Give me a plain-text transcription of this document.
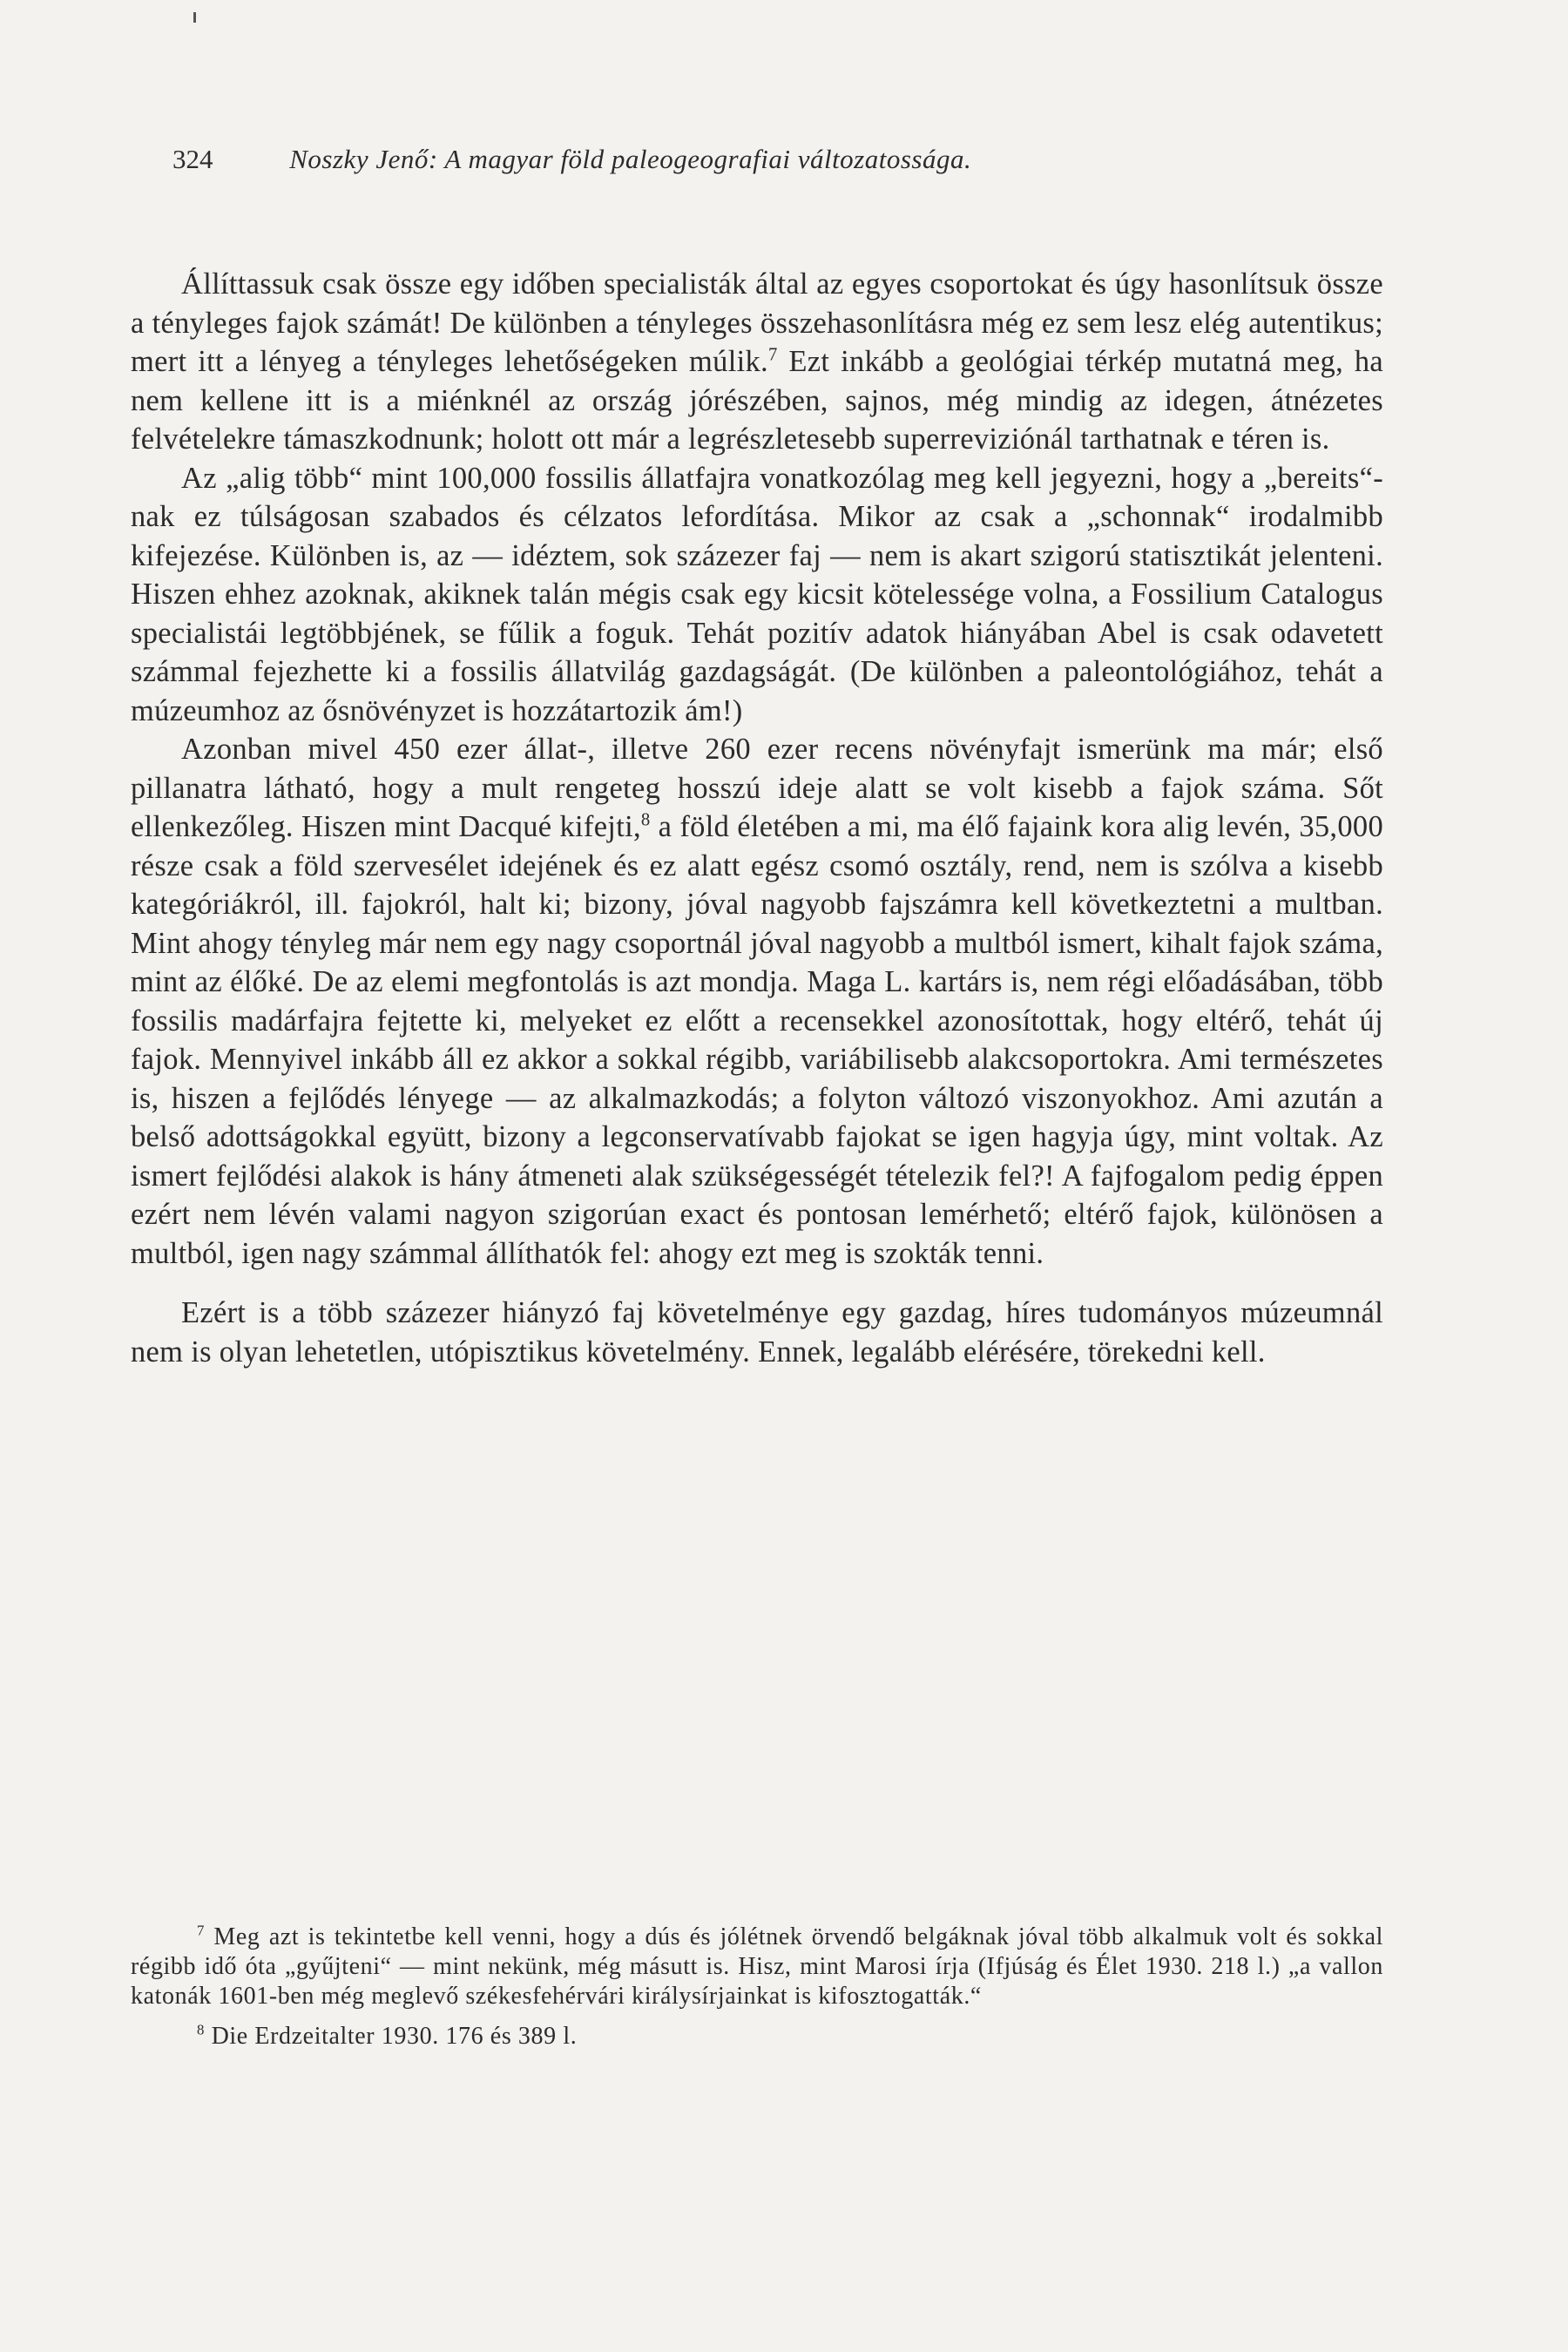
324	Noszky Jenő: A magyar föld paleogeografiai változatossága.

Állíttassuk csak össze egy időben specialisták által az egyes csoportokat és úgy hasonlítsuk össze a tényleges fajok számát! De különben a tényleges összehasonlításra még ez sem lesz elég autentikus; mert itt a lényeg a tényleges lehetőségeken múlik.$^7$ Ezt inkább a geológiai térkép mutatná meg, ha nem kellene itt is a miénknél az ország jórészében, sajnos, még mindig az idegen, átnézetes felvételekre támaszkodnunk; holott ott már a legrészletesebb superreviziónál tarthatnak e téren is.

Az „alig több“ mint 100,000 fossilis állatfajra vonatkozólag meg kell jegyezni, hogy a „bereits“-nak ez túlságosan szabados és célzatos lefordítása. Mikor az csak a „schonnak“ irodalmibb kifejezése. Különben is, az — idéztem, sok százezer faj — nem is akart szigorú statisztikát jelenteni. Hiszen ehhez azoknak, akiknek talán mégis csak egy kicsit kötelessége volna, a Fossilium Catalogus specialistái legtöbbjének, se fűlik a foguk. Tehát pozitív adatok hiányában Abel is csak odavetett számmal fejezhette ki a fossilis állatvilág gazdagságát. (De különben a paleontológiához, tehát a múzeumhoz az ősnövényzet is hozzátartozik ám!)

Azonban mivel 450 ezer állat-, illetve 260 ezer recens növényfajt ismerünk ma már; első pillanatra látható, hogy a mult rengeteg hosszú ideje alatt se volt kisebb a fajok száma. Sőt ellenkezőleg. Hiszen mint Dacqué kifejti,$^8$ a föld életében a mi, ma élő fajaink kora alig levén, 35,000 része csak a föld szervesélet idejének és ez alatt egész csomó osztály, rend, nem is szólva a kisebb kategóriákról, ill. fajokról, halt ki; bizony, jóval nagyobb fajszámra kell következtetni a multban. Mint ahogy tényleg már nem egy nagy csoportnál jóval nagyobb a multból ismert, kihalt fajok száma, mint az élőké. De az elemi megfontolás is azt mondja. Maga L. kartárs is, nem régi előadásában, több fossilis madárfajra fejtette ki, melyeket ez előtt a recensekkel azonosítottak, hogy eltérő, tehát új fajok. Mennyivel inkább áll ez akkor a sokkal régibb, variábilisebb alakcsoportokra. Ami természetes is, hiszen a fejlődés lényege — az alkalmazkodás; a folyton változó viszonyokhoz. Ami azután a belső adottságokkal együtt, bizony a legconservatívabb fajokat se igen hagyja úgy, mint voltak. Az ismert fejlődési alakok is hány átmeneti alak szükségességét tételezik fel?! A fajfogalom pedig éppen ezért nem lévén valami nagyon szigorúan exact és pontosan lemérhető; eltérő fajok, különösen a multból, igen nagy számmal állíthatók fel: ahogy ezt meg is szokták tenni.

Ezért is a több százezer hiányzó faj követelménye egy gazdag, híres tudományos múzeumnál nem is olyan lehetetlen, utópisztikus követelmény. Ennek, legalább elérésére, törekedni kell.

$^7$ Meg azt is tekintetbe kell venni, hogy a dús és jólétnek örvendő belgáknak jóval több alkalmuk volt és sokkal régibb idő óta „gyűjteni“ — mint nekünk, még másutt is. Hisz, mint Marosi írja (Ifjúság és Élet 1930. 218 l.) „a vallon katonák 1601-ben még meglevő székesfehérvári királysírjainkat is kifosztogatták.“

$^8$ Die Erdzeitalter 1930. 176 és 389 l.
